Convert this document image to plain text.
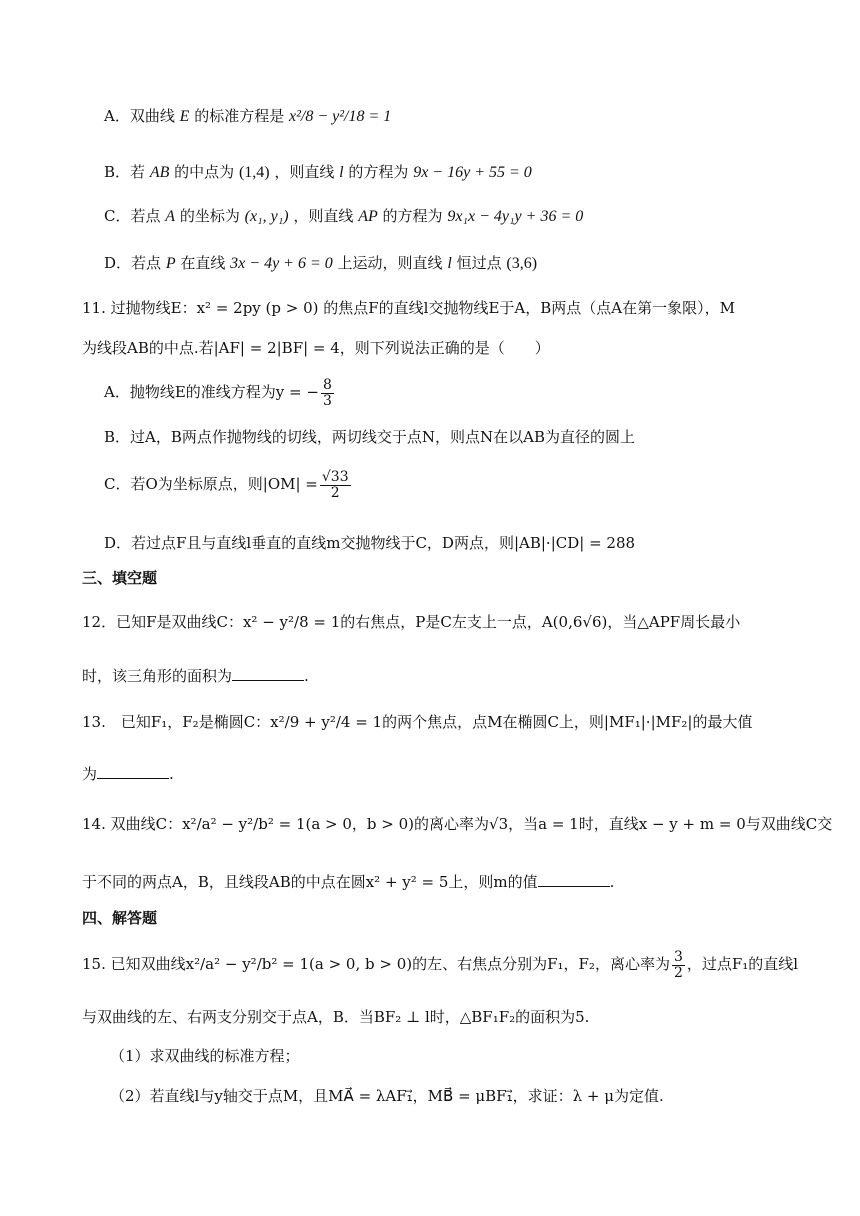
A．双曲线 E 的标准方程是 x²/8 − y²/18 = 1
B．若 AB 的中点为 (1,4) ，则直线 l 的方程为 9x − 16y + 55 = 0
C．若点 A 的坐标为 (x₁, y₁) ，则直线 AP 的方程为 9x₁x − 4y₁y + 36 = 0
D．若点 P 在直线 3x − 4y + 6 = 0 上运动，则直线 l 恒过点 (3,6)
11. 过抛物线E：x² = 2py (p > 0) 的焦点F的直线l交抛物线E于A，B两点（点A在第一象限），M
为线段AB的中点.若|AF| = 2|BF| = 4，则下列说法正确的是（　　）
A．抛物线E的准线方程为y = − $\frac{8}{3}$
B．过A，B两点作抛物线的切线，两切线交于点N，则点N在以AB为直径的圆上
C．若O为坐标原点，则$|OM| = \frac{√33}{2}$
D．若过点F且与直线l垂直的直线m交抛物线于C，D两点，则|AB|·|CD| = 288
三、填空题
12．已知F是双曲线C：x² − y²/8 = 1的右焦点，P是C左支上一点，A(0,6√6)，当△APF周长最小
时，该三角形的面积为	.
13.　已知F₁，F₂是椭圆C：x²/9 + y²/4 = 1的两个焦点，点M在椭圆C上，则|MF₁|·|MF₂|的最大值
为	.
14. 双曲线C：x²/a² − y²/b² = 1(a > 0，b > 0)的离心率为√3，当a = 1时，直线x − y + m = 0与双曲线C交
于不同的两点A，B，且线段AB的中点在圆x² + y² = 5上，则m的值	.
四、解答题
15. 已知双曲线x²/a² − y²/b² = 1(a > 0, b > 0)的左、右焦点分别为F₁，F₂，离心率为 $\frac{3}{2}$ ，过点F₁的直线l
与双曲线的左、右两支分别交于点A，B．当BF₂ ⊥ l时，△BF₁F₂的面积为5.
（1）求双曲线的标准方程；
（2）若直线l与y轴交于点M，且MA⃗ = λAF₁⃗，MB⃗ = μBF₁⃗，求证：λ + μ为定值.
